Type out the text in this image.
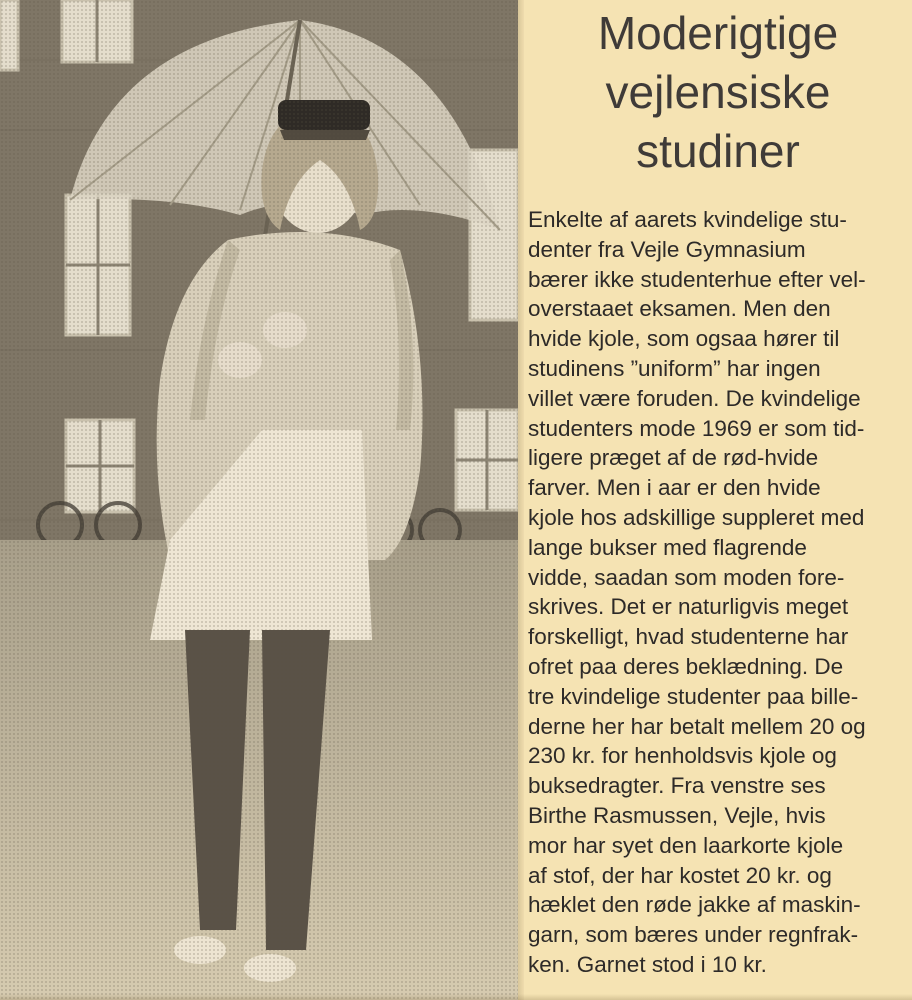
Moderigtige
vejlensiske
studiner

Enkelte af aarets kvindelige stu-
denter fra Vejle Gymnasium
bærer ikke studenterhue efter vel-
overstaaet eksamen. Men den
hvide kjole, som ogsaa hører til
studinens ”uniform” har ingen
villet være foruden. De kvindelige
studenters mode 1969 er som tid-
ligere præget af de rød-hvide
farver. Men i aar er den hvide
kjole hos adskillige suppleret med
lange bukser med flagrende
vidde, saadan som moden fore-
skrives. Det er naturligvis meget
forskelligt, hvad studenterne har
ofret paa deres beklædning. De
tre kvindelige studenter paa bille-
derne her har betalt mellem 20 og
230 kr. for henholdsvis kjole og
buksedragter. Fra venstre ses
Birthe Rasmussen, Vejle, hvis
mor har syet den laarkorte kjole
af stof, der har kostet 20 kr. og
hæklet den røde jakke af maskin-
garn, som bæres under regnfrak-
ken. Garnet stod i 10 kr.
